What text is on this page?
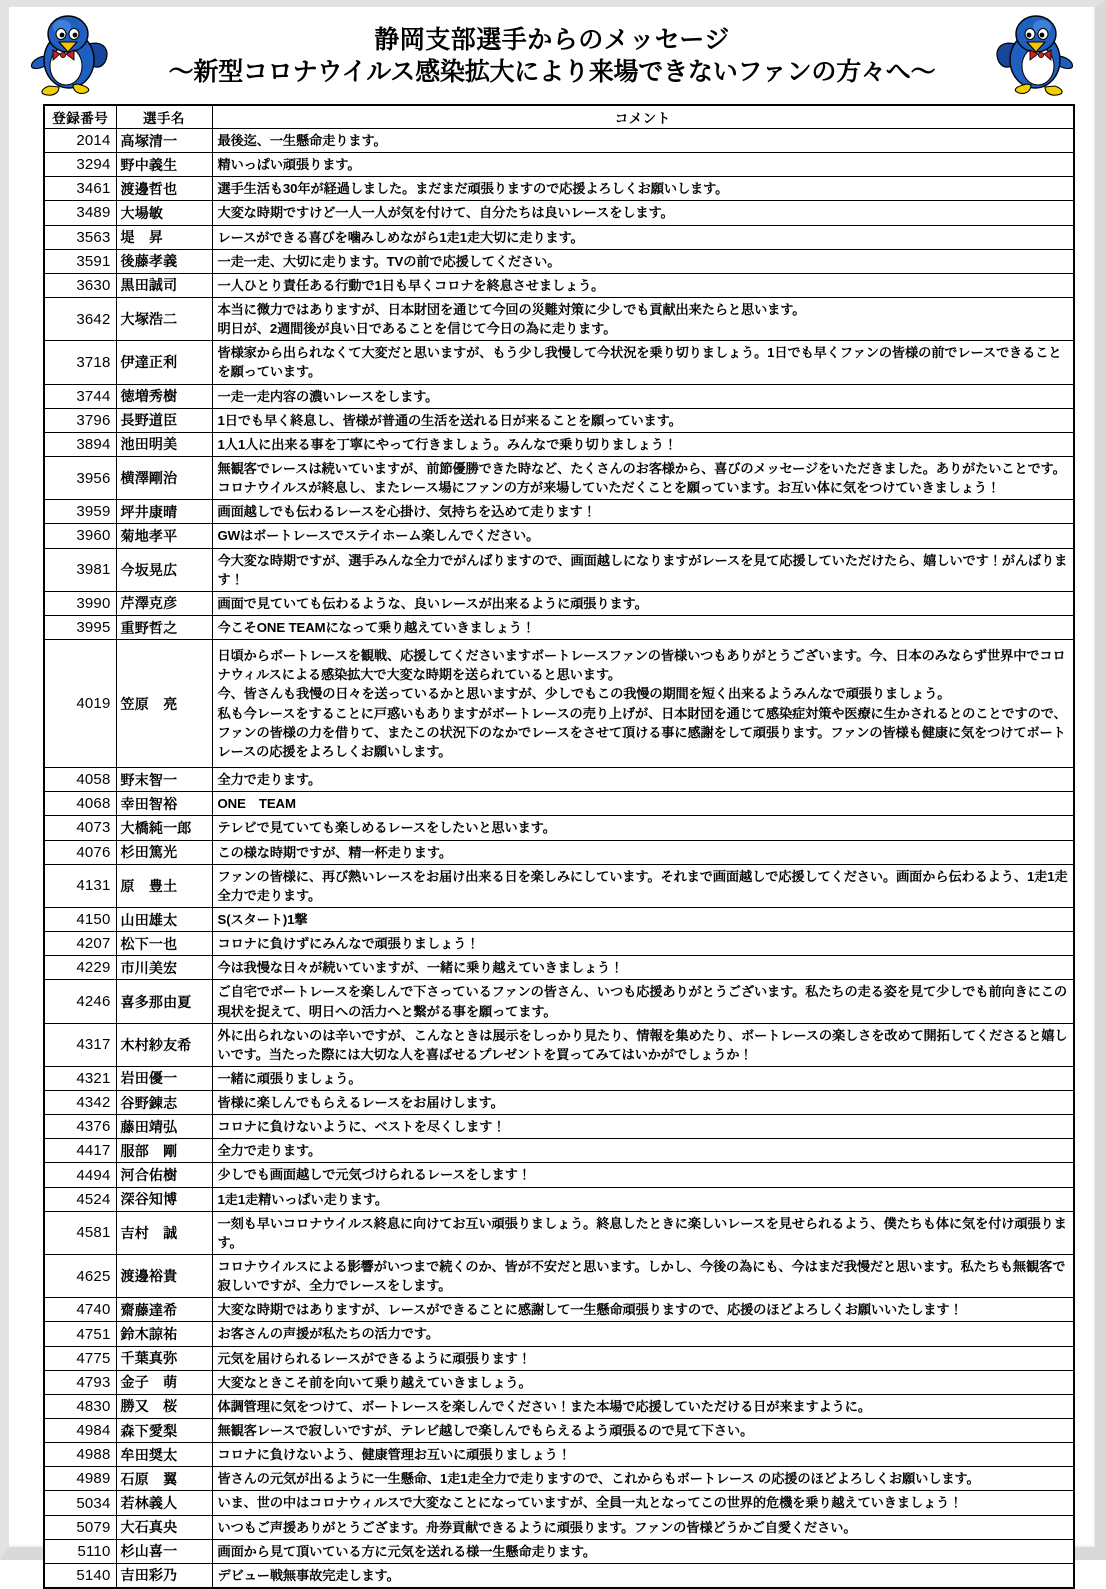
静岡支部選手からのメッセージ
～新型コロナウイルス感染拡大により来場できないファンの方々へ～
登録番号	選手名	コメント
2014	高塚清一	最後迄、一生懸命走ります。

3294	野中義生	精いっぱい頑張ります。

3461	渡邊哲也	選手生活も30年が経過しました。まだまだ頑張りますので応援よろしくお願いします。

3489	大場敏	大変な時期ですけど一人一人が気を付けて、自分たちは良いレースをします。

3563	堤　昇	レースができる喜びを噛みしめながら1走1走大切に走ります。

3591	後藤孝義	一走一走、大切に走ります。TVの前で応援してください。

3630	黒田誠司	一人ひとり責任ある行動で1日も早くコロナを終息させましょう。

3642	大塚浩二	本当に微力ではありますが、日本財団を通じて今回の災難対策に少しでも貢献出来たらと思います。
明日が、2週間後が良い日であることを信じて今日の為に走ります。

3718	伊達正利	皆様家から出られなくて大変だと思いますが、もう少し我慢して今状況を乗り切りましょう。1日でも早くファンの皆様の前でレースできることを願っています。

3744	徳増秀樹	一走一走内容の濃いレースをします。

3796	長野道臣	1日でも早く終息し、皆様が普通の生活を送れる日が来ることを願っています。

3894	池田明美	1人1人に出来る事を丁寧にやって行きましょう。みんなで乗り切りましょう！

3956	横澤剛治	無観客でレースは続いていますが、前節優勝できた時など、たくさんのお客様から、喜びのメッセージをいただきました。ありがたいことです。コロナウイルスが終息し、またレース場にファンの方が来場していただくことを願っています。お互い体に気をつけていきましょう！

3959	坪井康晴	画面越しでも伝わるレースを心掛け、気持ちを込めて走ります！

3960	菊地孝平	GWはボートレースでステイホーム楽しんでください。

3981	今坂晃広	今大変な時期ですが、選手みんな全力でがんばりますので、画面越しになりますがレースを見て応援していただけたら、嬉しいです！がんばります！

3990	芹澤克彦	画面で見ていても伝わるような、良いレースが出来るように頑張ります。

3995	重野哲之	今こそONE TEAMになって乗り越えていきましょう！

4019	笠原　亮	日頃からボートレースを観戦、応援してくださいますボートレースファンの皆様いつもありがとうございます。今、日本のみならず世界中でコロナウィルスによる感染拡大で大変な時期を送られていると思います。
今、皆さんも我慢の日々を送っているかと思いますが、少しでもこの我慢の期間を短く出来るようみんなで頑張りましょう。
私も今レースをすることに戸惑いもありますがボートレースの売り上げが、日本財団を通じて感染症対策や医療に生かされるとのことですので、ファンの皆様の力を借りて、またこの状況下のなかでレースをさせて頂ける事に感謝をして頑張ります。ファンの皆様も健康に気をつけてボートレースの応援をよろしくお願いします。

4058	野末智一	全力で走ります。

4068	幸田智裕	ONE　TEAM

4073	大橋純一郎	テレビで見ていても楽しめるレースをしたいと思います。

4076	杉田篤光	この様な時期ですが、精一杯走ります。

4131	原　豊土	ファンの皆様に、再び熱いレースをお届け出来る日を楽しみにしています。それまで画面越しで応援してください。画面から伝わるよう、1走1走全力で走ります。

4150	山田雄太	S(スタート)1撃

4207	松下一也	コロナに負けずにみんなで頑張りましょう！

4229	市川美宏	今は我慢な日々が続いていますが、一緒に乗り越えていきましょう！

4246	喜多那由夏	ご自宅でボートレースを楽しんで下さっているファンの皆さん、いつも応援ありがとうございます。私たちの走る姿を見て少しでも前向きにこの現状を捉えて、明日への活力へと繋がる事を願ってます。

4317	木村紗友希	外に出られないのは辛いですが、こんなときは展示をしっかり見たり、情報を集めたり、ボートレースの楽しさを改めて開拓してくださると嬉しいです。当たった際には大切な人を喜ばせるプレゼントを買ってみてはいかがでしょうか！

4321	岩田優一	一緒に頑張りましょう。

4342	谷野錬志	皆様に楽しんでもらえるレースをお届けします。

4376	藤田靖弘	コロナに負けないように、ベストを尽くします！

4417	服部　剛	全力で走ります。

4494	河合佑樹	少しでも画面越しで元気づけられるレースをします！

4524	深谷知博	1走1走精いっぱい走ります。

4581	吉村　誠	一刻も早いコロナウイルス終息に向けてお互い頑張りましょう。終息したときに楽しいレースを見せられるよう、僕たちも体に気を付け頑張ります。

4625	渡邊裕貴	コロナウイルスによる影響がいつまで続くのか、皆が不安だと思います。しかし、今後の為にも、今はまだ我慢だと思います。私たちも無観客で寂しいですが、全力でレースをします。

4740	齋藤達希	大変な時期ではありますが、レースができることに感謝して一生懸命頑張りますので、応援のほどよろしくお願いいたします！

4751	鈴木諒祐	お客さんの声援が私たちの活力です。

4775	千葉真弥	元気を届けられるレースができるように頑張ります！

4793	金子　萌	大変なときこそ前を向いて乗り越えていきましょう。

4830	勝又　桜	体調管理に気をつけて、ボートレースを楽しんでください！また本場で応援していただける日が来ますように。

4984	森下愛梨	無観客レースで寂しいですが、テレビ越しで楽しんでもらえるよう頑張るので見て下さい。

4988	牟田奨太	コロナに負けないよう、健康管理お互いに頑張りましょう！

4989	石原　翼	皆さんの元気が出るように一生懸命、1走1走全力で走りますので、これからもボートレース の応援のほどよろしくお願いします。

5034	若林義人	いま、世の中はコロナウィルスで大変なことになっていますが、全員一丸となってこの世界的危機を乗り越えていきましょう！

5079	大石真央	いつもご声援ありがとうござます。舟券貢献できるように頑張ります。ファンの皆様どうかご自愛ください。

5110	杉山喜一	画面から見て頂いている方に元気を送れる様一生懸命走ります。

5140	吉田彩乃	デビュー戦無事故完走します。
